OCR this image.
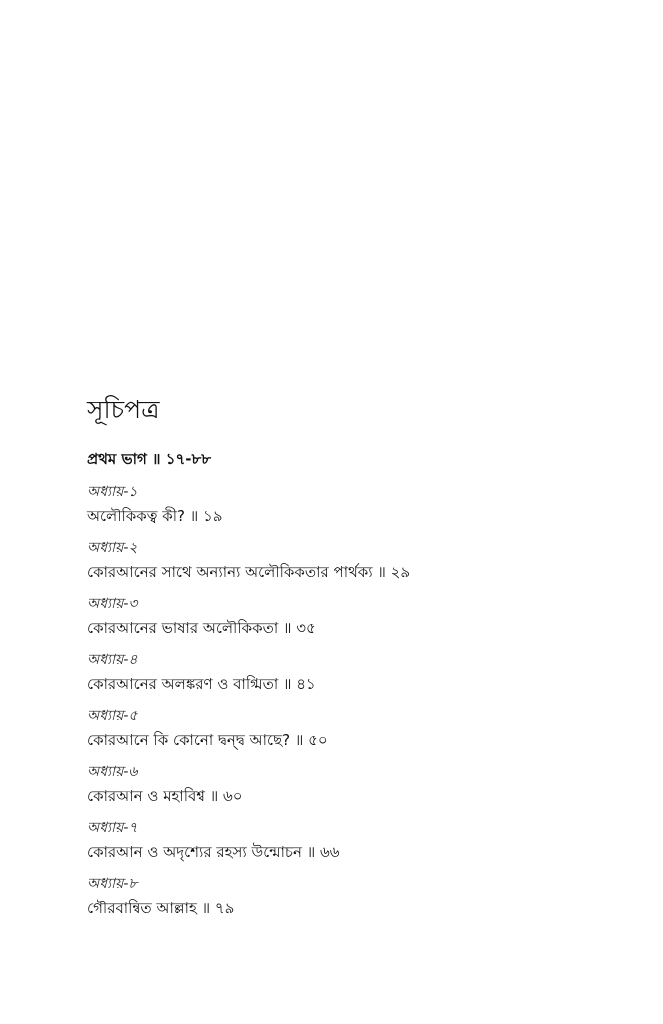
সূচিপত্র
প্রথম ভাগ ॥ ১৭-৮৮
অধ্যায়-১
অলৌকিকত্ব কী? ॥ ১৯
অধ্যায়-২
কোরআনের সাথে অন্যান্য অলৌকিকতার পার্থক্য ॥ ২৯
অধ্যায়-৩
কোরআনের ভাষার অলৌকিকতা ॥ ৩৫
অধ্যায়-৪
কোরআনের অলঙ্করণ ও বাগ্মিতা ॥ ৪১
অধ্যায়-৫
কোরআনে কি কোনো দ্বন্দ্ব আছে? ॥ ৫০
অধ্যায়-৬
কোরআন ও মহাবিশ্ব ॥ ৬০
অধ্যায়-৭
কোরআন ও অদৃশ্যের রহস্য উন্মোচন ॥ ৬৬
অধ্যায়-৮
গৌরবান্বিত আল্লাহ ॥ ৭৯
